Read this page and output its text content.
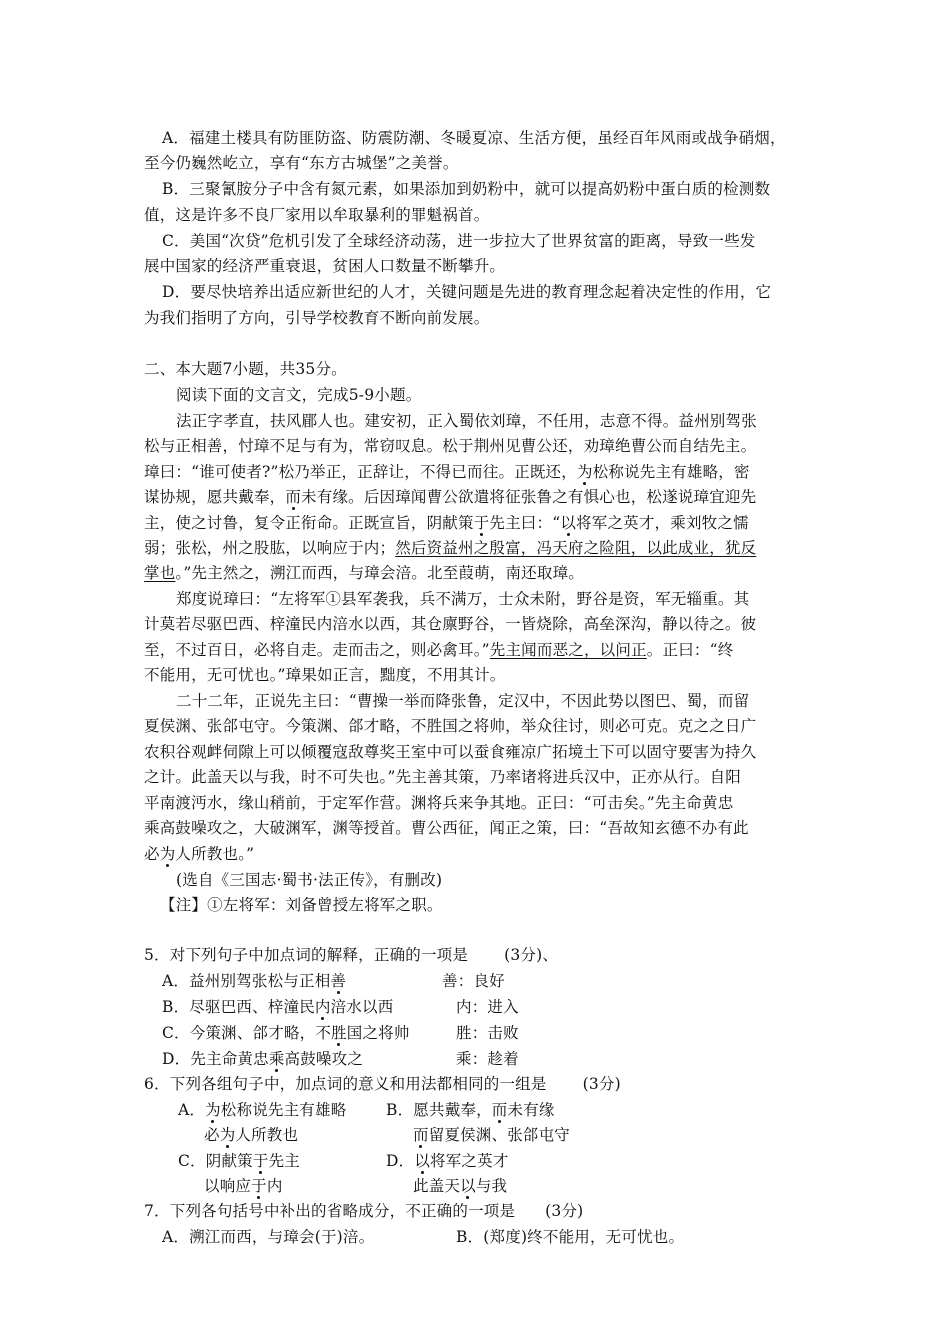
A．福建土楼具有防匪防盗、防震防潮、冬暖夏凉、生活方便，虽经百年风雨或战争硝烟，
至今仍巍然屹立，享有“东方古城堡”之美誉。
B．三聚氰胺分子中含有氮元素，如果添加到奶粉中，就可以提高奶粉中蛋白质的检测数
值，这是许多不良厂家用以牟取暴利的罪魁祸首。
C．美国“次贷”危机引发了全球经济动荡，进一步拉大了世界贫富的距离，导致一些发
展中国家的经济严重衰退，贫困人口数量不断攀升。
D．要尽快培养出适应新世纪的人才，关键问题是先进的教育理念起着决定性的作用，它
为我们指明了方向，引导学校教育不断向前发展。
二、本大题7小题，共35分。
阅读下面的文言文，完成5-9小题。
法正字孝直，扶风郿人也。建安初，正入蜀依刘璋，不任用，志意不得。益州别驾张
松与正相善，忖璋不足与有为，常窃叹息。松于荆州见曹公还，劝璋绝曹公而自结先主。
璋曰：“谁可使者?”松乃举正，正辞让，不得已而往。正既还，为松称说先主有雄略，密
谋协规，愿共戴奉，而未有缘。后因璋闻曹公欲遣将征张鲁之有惧心也，松遂说璋宜迎先
主，使之讨鲁，复令正衔命。正既宣旨，阴献策于先主曰：“以将军之英才，乘刘牧之懦
弱；张松，州之股肱，以响应于内；然后资益州之殷富，冯天府之险阻，以此成业，犹反
掌也。”先主然之，溯江而西，与璋会涪。北至葭萌，南还取璋。
郑度说璋曰：“左将军①县军袭我，兵不满万，士众未附，野谷是资，军无辎重。其
计莫若尽驱巴西、梓潼民内涪水以西，其仓廪野谷，一皆烧除，高垒深沟，静以待之。彼
至，不过百日，必将自走。走而击之，则必禽耳。”先主闻而恶之，以问正。正曰：“终
不能用，无可忧也。”璋果如正言，黜度，不用其计。
二十二年，正说先主曰：“曹操一举而降张鲁，定汉中，不因此势以图巴、蜀，而留
夏侯渊、张郃屯守。今策渊、郃才略，不胜国之将帅，举众往讨，则必可克。克之之日广
农积谷观衅伺隙上可以倾覆寇敌尊奖王室中可以蚕食雍凉广拓境土下可以固守要害为持久
之计。此盖天以与我，时不可失也。”先主善其策，乃率诸将进兵汉中，正亦从行。自阳
平南渡沔水，缘山稍前，于定军作营。渊将兵来争其地。正曰：“可击矣。”先主命黄忠
乘高鼓噪攻之，大破渊军，渊等授首。曹公西征，闻正之策，曰：“吾故知玄德不办有此
必为人所教也。”
(选自《三国志·蜀书·法正传》，有删改)
【注】①左将军：刘备曾授左将军之职。
5．对下列句子中加点词的解释，正确的一项是 (3分)、
A．益州别驾张松与正相善	善：良好
B．尽驱巴西、梓潼民内涪水以西	内：进入
C．今策渊、郃才略，不胜国之将帅	胜：击败
D．先主命黄忠乘高鼓噪攻之	乘：趁着
6．下列各组句子中，加点词的意义和用法都相同的一组是 (3分)
A．为松称说先主有雄略	B．愿共戴奉，而未有缘
必为人所教也	而留夏侯渊、张郃屯守
C．阴献策于先主	D．以将军之英才
以响应于内	此盖天以与我
7．下列各句括号中补出的省略成分，不正确的一项是 (3分)
A．溯江而西，与璋会(于)涪。	B．(郑度)终不能用，无可忧也。
